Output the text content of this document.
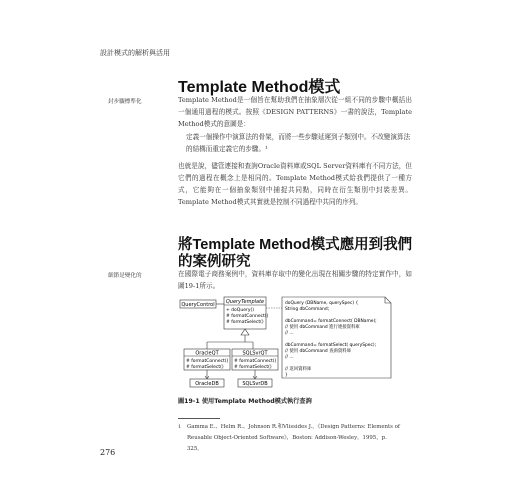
設計模式的解析與活用
Template Method模式
封步驟標準化	Template Method是一個旨在幫助我們在抽象層次從一組不同的步驟中概括出一個通用過程的模式。按照《DESIGN PATTERNS》一書的說法，Template Method模式的意圖是：
定義一個操作中演算法的骨架，而將一些步驟延遲到子類別中。不改變演算法的結構而重定義它的步驟。¹
也就是說，儘管連接和查詢Oracle資料庫或SQL Server資料庫有不同方法，但它們的過程在概念上是相同的。Template Method模式給我們提供了一種方式，它能夠在一個抽象類別中捕捉共同點，同時在衍生類別中封裝差異。Template Method模式其實就是控制不同過程中共同的序列。
將Template Method模式應用到我們的案例研究
細節是變化的	在國際電子商務案例中，資料庫存取中的變化出現在相關步驟的特定實作中，如圖19-1所示。
QueryControl QueryTemplate
+ doQuery()
# formatConnect()
# formatSelect()
doQuery (DBName, querySpec) {
String dbCommand;
dbCommand= formatConnect( DBName);
// 使用 dbCommand 進行連接資料庫
// ...
dbCommand= formatSelect( querySpec);
// 使用 dbCommand 查詢資料庫
// ...
// 返回資料庫
}
OracleQT
# formatConnect()
# formatSelect()
SQLSvrQT
# formatConnect()
# formatSelect()
OracleDB	SQLSvrDB
圖19-1 使用Template Method模式執行查詢
1 Gamma E.、Helm R.、Johnson R.和Vlissides J.，《Design Patterns: Elements of Reusable Object-Oriented Software》，Boston: Addison-Wesley，1995，p. 325。
276
